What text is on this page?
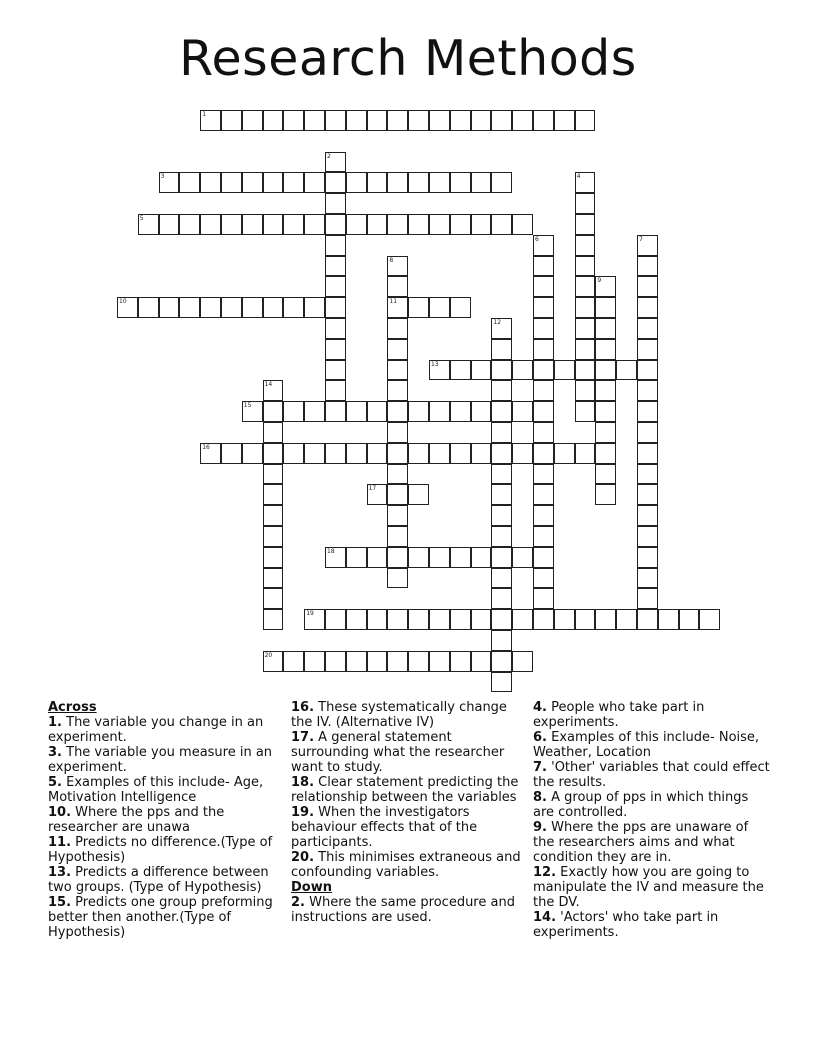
Research Methods
1
2
3	4
5
6	7
8
11
9
10
12
13
14
15
16
17
18
19
20

Across

1. The variable you change in an experiment.

3. The variable you measure in an experiment.

5. Examples of this include- Age, Motivation Intelligence

10. Where the pps and the researcher are unawa

11. Predicts no difference.(Type of Hypothesis)

13. Predicts a difference between two groups. (Type of Hypothesis)

15. Predicts one group preforming better then another.(Type of Hypothesis)

16. These systematically change the IV. (Alternative IV)

17. A general statement surrounding what the researcher want to study.

18. Clear statement predicting the relationship between the variables

19. When the investigators behaviour effects that of the participants.

20. This minimises extraneous and confounding variables.

Down

2. Where the same procedure and instructions are used.

4. People who take part in experiments.

6. Examples of this include- Noise, Weather, Location

7. 'Other' variables that could effect the results.

8. A group of pps in which things are controlled.

9. Where the pps are unaware of the researchers aims and what condition they are in.

12. Exactly how you are going to manipulate the IV and measure the the DV.

14. 'Actors' who take part in experiments.
